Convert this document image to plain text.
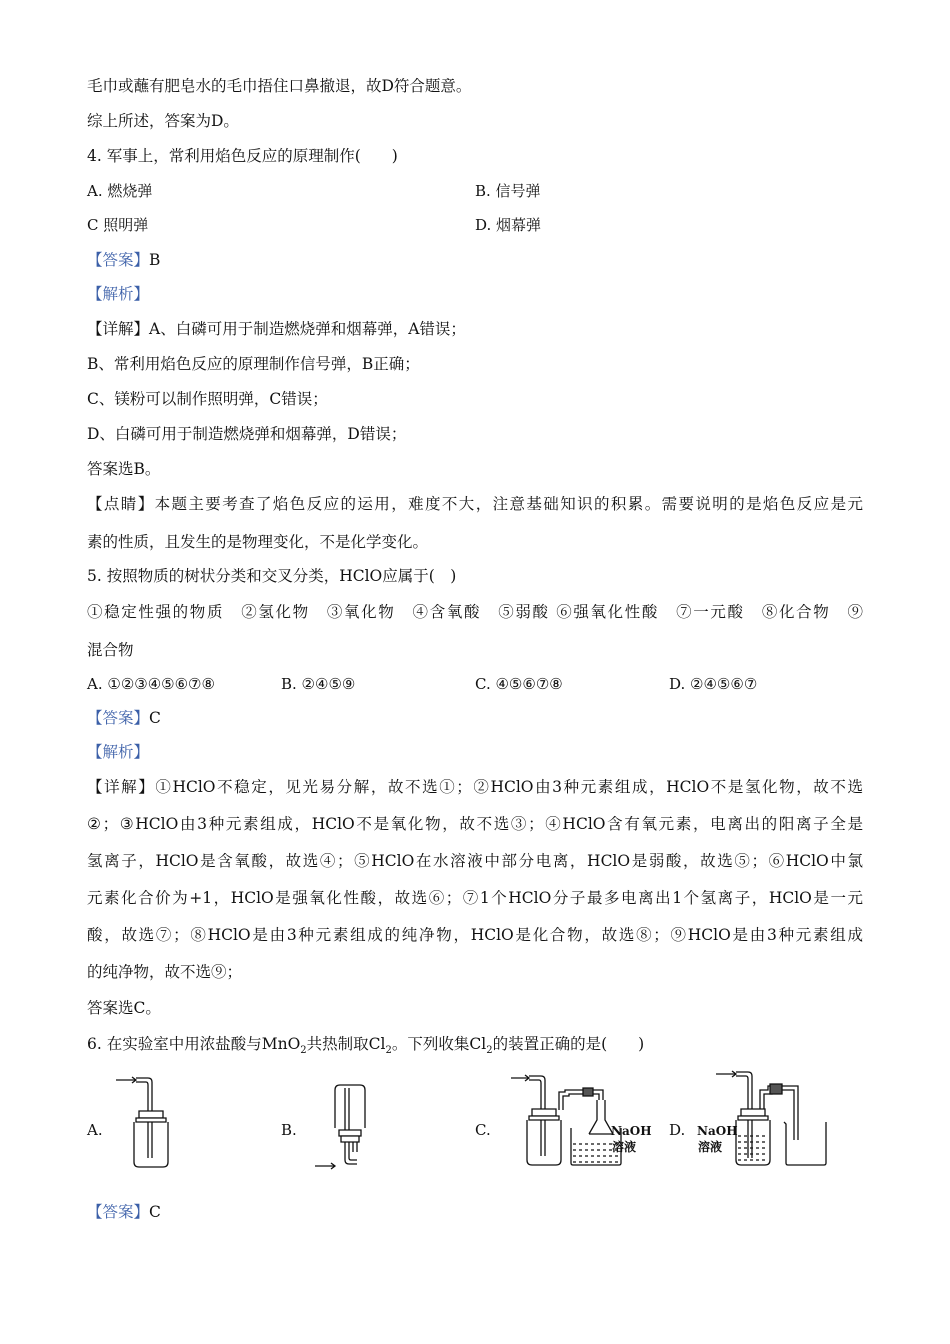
毛巾或蘸有肥皂水的毛巾捂住口鼻撤退，故D符合题意。
综上所述，答案为D。
4. 军事上，常利用焰色反应的原理制作(　　)
A. 燃烧弹	B. 信号弹
C 照明弹	D. 烟幕弹
【答案】B
【解析】
【详解】A、白磷可用于制造燃烧弹和烟幕弹，A错误；
B、常利用焰色反应的原理制作信号弹，B正确；
C、镁粉可以制作照明弹，C错误；
D、白磷可用于制造燃烧弹和烟幕弹，D错误；
答案选B。
【点睛】本题主要考查了焰色反应的运用，难度不大，注意基础知识的积累。需要说明的是焰色反应是元
素的性质，且发生的是物理变化，不是化学变化。
5. 按照物质的树状分类和交叉分类，HClO应属于(　)
①稳定性强的物质　②氢化物　③氧化物　④含氧酸　⑤弱酸 ⑥强氧化性酸　⑦一元酸　⑧化合物　⑨
混合物
A. ①②③④⑤⑥⑦⑧	B. ②④⑤⑨	C. ④⑤⑥⑦⑧	D. ②④⑤⑥⑦
【答案】C
【解析】
【详解】①HClO不稳定，见光易分解，故不选①；②HClO由3种元素组成，HClO不是氢化物，故不选
②；③HClO由3种元素组成，HClO不是氧化物，故不选③；④HClO含有氧元素，电离出的阳离子全是
氢离子，HClO是含氧酸，故选④；⑤HClO在水溶液中部分电离，HClO是弱酸，故选⑤；⑥HClO中氯
元素化合价为+1，HClO是强氧化性酸，故选⑥；⑦1个HClO分子最多电离出1个氢离子，HClO是一元
酸，故选⑦；⑧HClO是由3种元素组成的纯净物，HClO是化合物，故选⑧；⑨HClO是由3种元素组成
的纯净物，故不选⑨；
答案选C。
6. 在实验室中用浓盐酸与MnO$_2$共热制取$Cl_2$。下列收集$Cl_2$的装置正确的是(　　)
A.	B.	C.	NaOH
溶液
D. NaOH
溶液
【答案】C
